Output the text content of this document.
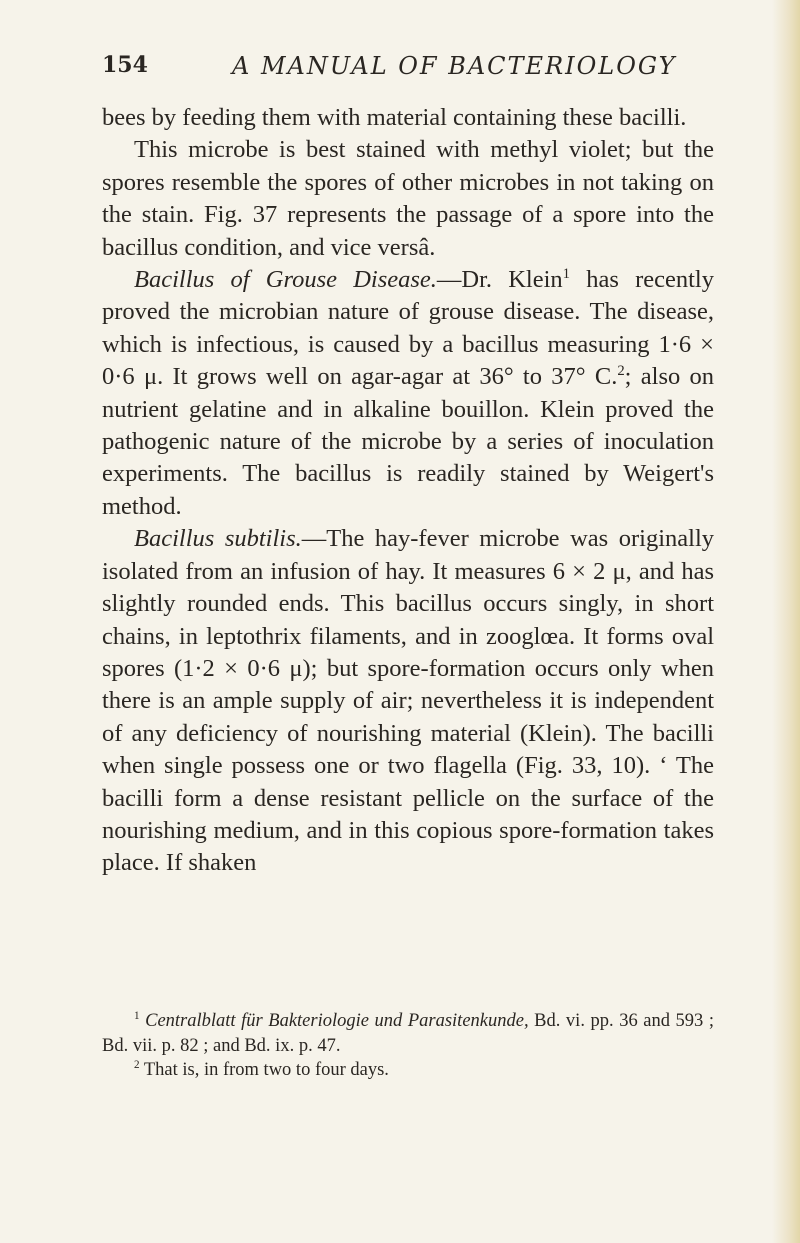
154	A MANUAL OF BACTERIOLOGY

bees by feeding them with material containing these bacilli.

This microbe is best stained with methyl violet; but the spores resemble the spores of other microbes in not taking on the stain. Fig. 37 represents the passage of a spore into the bacillus condition, and vice versâ.

Bacillus of Grouse Disease.—Dr. Klein$^1$ has recently proved the microbian nature of grouse disease. The disease, which is infectious, is caused by a bacillus measuring 1·6 × 0·6 μ. It grows well on agar-agar at 36° to 37° C.$^2$; also on nutrient gelatine and in alkaline bouillon. Klein proved the pathogenic nature of the microbe by a series of inoculation experiments. The bacillus is readily stained by Weigert's method.

Bacillus subtilis.—The hay-fever microbe was originally isolated from an infusion of hay. It measures 6 × 2 μ, and has slightly rounded ends. This bacillus occurs singly, in short chains, in leptothrix filaments, and in zooglœa. It forms oval spores (1·2 × 0·6 μ); but spore-formation occurs only when there is an ample supply of air; nevertheless it is independent of any deficiency of nourishing material (Klein). The bacilli when single possess one or two flagella (Fig. 33, 10). ‘ The bacilli form a dense resistant pellicle on the surface of the nourishing medium, and in this copious spore-formation takes place. If shaken

$^1$ Centralblatt für Bakteriologie und Parasitenkunde, Bd. vi. pp. 36 and 593 ; Bd. vii. p. 82 ; and Bd. ix. p. 47.

$^2$ That is, in from two to four days.
